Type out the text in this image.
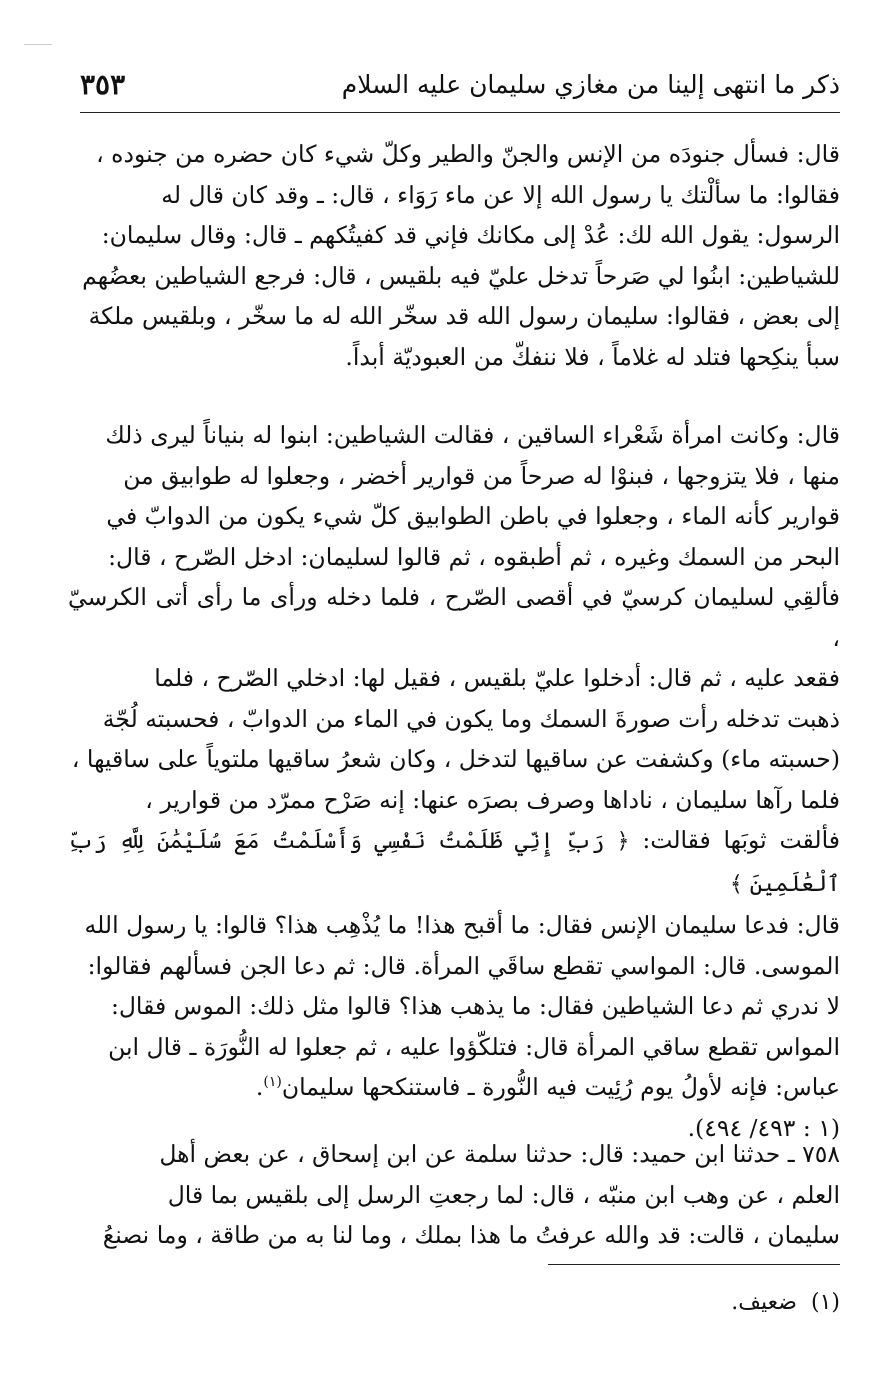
ذكر ما انتهى إلينا من مغازي سليمان عليه السلام
٣٥٣
قال: فسأل جنودَه من الإنس والجنّ والطير وكلّ شيء كان حضره من جنوده ،
فقالوا: ما سألْتك يا رسول الله إلا عن ماء رَوَاء ، قال: ـ وقد كان قال له
الرسول: يقول الله لك: عُدْ إلى مكانك فإني قد كفيتُكهم ـ قال: وقال سليمان:
للشياطين: ابنُوا لي صَرحاً تدخل عليّ فيه بلقيس ، قال: فرجع الشياطين بعضُهم
إلى بعض ، فقالوا: سليمان رسول الله قد سخّر الله له ما سخّر ، وبلقيس ملكة
سبأ ينكِحها فتلد له غلاماً ، فلا ننفكّ من العبوديّة أبداً.
قال: وكانت امرأة شَعْراء الساقين ، فقالت الشياطين: ابنوا له بنياناً ليرى ذلك
منها ، فلا يتزوجها ، فبنوْا له صرحاً من قوارير أخضر ، وجعلوا له طوابيق من
قوارير كأنه الماء ، وجعلوا في باطن الطوابيق كلّ شيء يكون من الدوابّ في
البحر من السمك وغيره ، ثم أطبقوه ، ثم قالوا لسليمان: ادخل الصّرح ، قال:
فألقِي لسليمان كرسيّ في أقصى الصّرح ، فلما دخله ورأى ما رأى أتى الكرسيّ ،
فقعد عليه ، ثم قال: أدخلوا عليّ بلقيس ، فقيل لها: ادخلي الصّرح ، فلما
ذهبت تدخله رأت صورةَ السمك وما يكون في الماء من الدوابّ ، فحسبته لُجّة
(حسبته ماء) وكشفت عن ساقيها لتدخل ، وكان شعرُ ساقيها ملتوياً على ساقيها ،
فلما رآها سليمان ، ناداها وصرف بصرَه عنها: إنه صَرْح ممرّد من قوارير ،
فألقت ثوبَها فقالت: ﴿ رَبِّ إِنِّي ظَلَمْتُ نَفْسِي وَأَسْلَمْتُ مَعَ سُلَيْمَٰنَ لِلَّهِ رَبِّ ٱلْعَٰلَمِينَ ﴾
قال: فدعا سليمان الإنس فقال: ما أقبح هذا! ما يُذْهِب هذا؟ قالوا: يا رسول الله
الموسى. قال: المواسي تقطع ساقَي المرأة. قال: ثم دعا الجن فسألهم فقالوا:
لا ندري ثم دعا الشياطين فقال: ما يذهب هذا؟ قالوا مثل ذلك: الموس فقال:
المواس تقطع ساقي المرأة قال: فتلكّؤوا عليه ، ثم جعلوا له النُّورَة ـ قال ابن
عباس: فإنه لأولُ يوم رُئِيت فيه النُّورة ـ فاستنكحها سليمان$^{(١)}$.
(١ : ٤٩٣/ ٤٩٤).
٧٥٨ ـ حدثنا ابن حميد: قال: حدثنا سلمة عن ابن إسحاق ، عن بعض أهل
العلم ، عن وهب ابن منبّه ، قال: لما رجعتِ الرسل إلى بلقيس بما قال
سليمان ، قالت: قد والله عرفتُ ما هذا بملك ، وما لنا به من طاقة ، وما نصنعُ
(١)ضعيف.
